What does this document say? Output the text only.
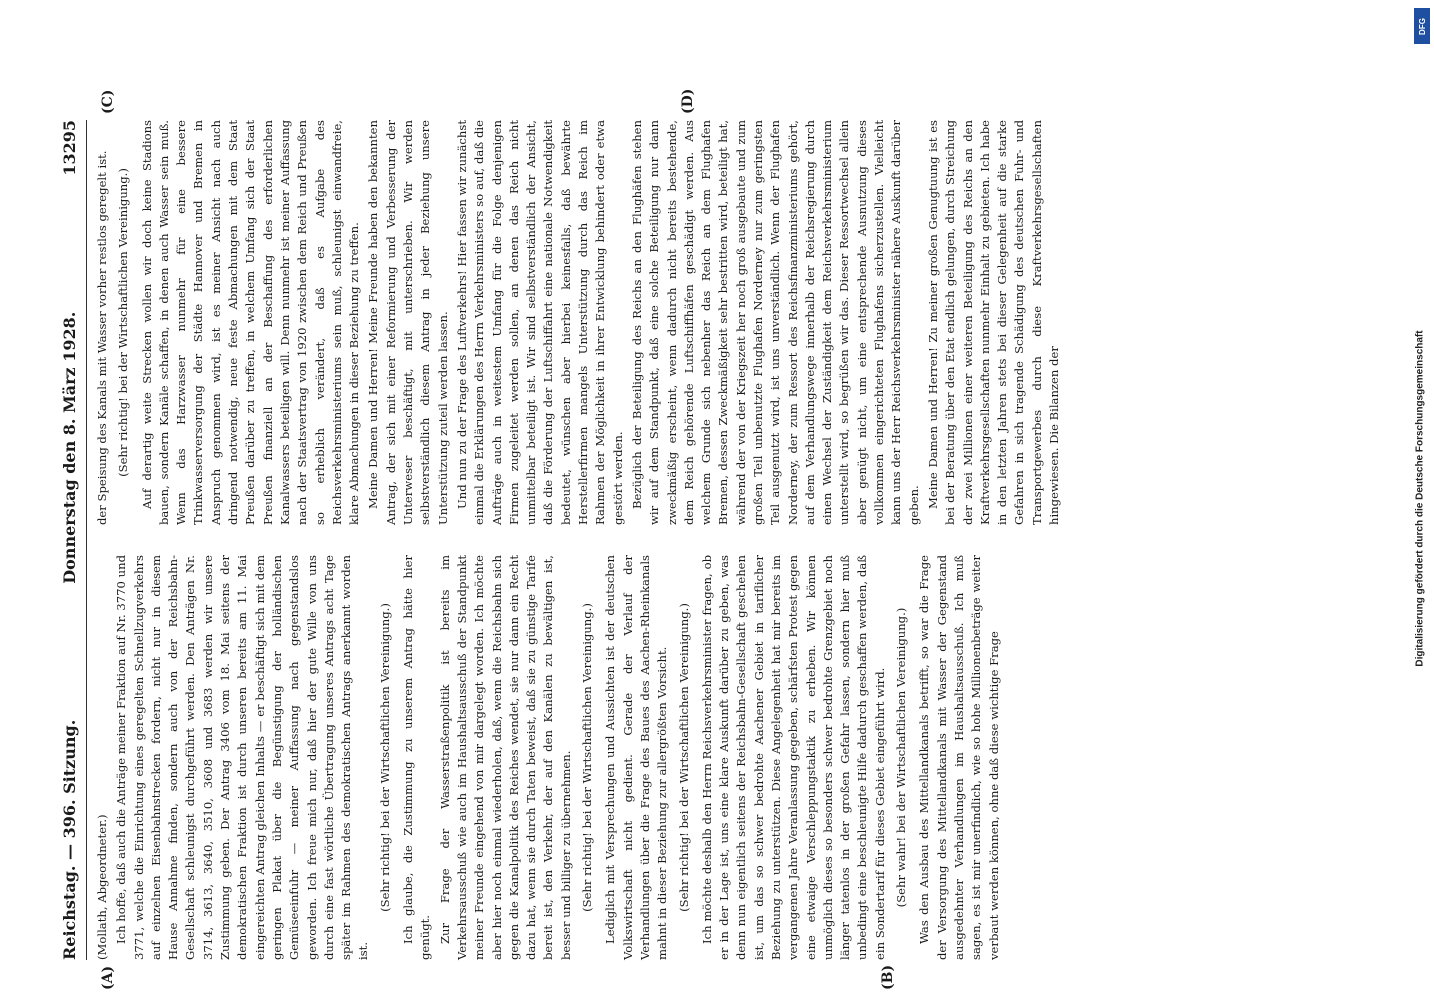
Reichstag. — 396. Sitzung.
Donnerstag den 8. März 1928.
13295
(A)	(B)
(C)	(D)

(Mollath, Abgeordneter.) Ich hoffe, daß auch die Anträge meiner Fraktion auf Nr. 3770 und 3771, welche die Einrichtung eines geregelten Schnellzugverkehrs auf einzelnen Eisenbahnstrecken fordern, nicht nur in diesem Hause Annahme finden, sondern auch von der Reichsbahn-Gesellschaft schleunigst durchgeführt werden. Den Anträgen Nr. 3714, 3613, 3640, 3510, 3608 und 3683 werden wir unsere Zustimmung geben. Der Antrag 3406 vom 18. Mai seitens der demokratischen Fraktion ist durch unseren bereits am 11. Mai eingereichten Antrag gleichen Inhalts — er beschäftigt sich mit dem geringen Plakat über die Begünstigung der holländischen Gemüseeinfuhr — meiner Auffassung nach gegenstandslos geworden. Ich freue mich nur, daß hier der gute Wille von uns durch eine fast wörtliche Übertragung unseres Antrags acht Tage später im Rahmen des demokratischen Antrags anerkannt worden ist.

(Sehr richtig! bei der Wirtschaftlichen Vereinigung.) Ich glaube, die Zustimmung zu unserem Antrag hätte hier genügt. Zur Frage der Wasserstraßenpolitik ist bereits im Verkehrsausschuß wie auch im Haushaltsausschuß der Standpunkt meiner Freunde eingehend von mir dargelegt worden. Ich möchte aber hier noch einmal wiederholen, daß, wenn die Reichsbahn sich gegen die Kanalpolitik des Reiches wendet, sie nur dann ein Recht dazu hat, wenn sie durch Taten beweist, daß sie zu günstige Tarife bereit ist, den Verkehr, der auf den Kanälen zu bewältigen ist, besser und billiger zu übernehmen. (Sehr richtig! bei der Wirtschaftlichen Vereinigung.) Lediglich mit Versprechungen und Aussichten ist der deutschen Volkswirtschaft nicht gedient. Gerade der Verlauf der Verhandlungen über die Frage des Baues des Aachen-Rheinkanals mahnt in dieser Beziehung zur allergrößten Vorsicht. (Sehr richtig! bei der Wirtschaftlichen Vereinigung.) Ich möchte deshalb den Herrn Reichsverkehrsminister fragen, ob er in der Lage ist, uns eine klare Auskunft darüber zu geben, was denn nun eigentlich seitens der Reichsbahn-Gesellschaft geschehen ist, um das so schwer bedrohte Aachener Gebiet in tariflicher Beziehung zu unterstützen. Diese Angelegenheit hat mir bereits im vergangenen Jahre Veranlassung gegeben, schärfsten Protest gegen eine etwaige Verschleppungstaktik zu erheben. Wir können unmöglich dieses so besonders schwer bedrohte Grenzgebiet noch länger tatenlos in der großen Gefahr lassen, sondern hier muß unbedingt eine beschleunigte Hilfe dadurch geschaffen werden, daß ein Sondertarif für dieses Gebiet eingeführt wird. (Sehr wahr! bei der Wirtschaftlichen Vereinigung.) Was den Ausbau des Mittellandkanals betrifft, so war die Frage der Versorgung des Mittellandkanals mit Wasser der Gegenstand ausgedehnter Verhandlungen im Haushaltsausschuß. Ich muß sagen, es ist mir unerfindlich, wie so hohe Millionenbeträge weiter verbaut werden können, ohne daß diese wichtige Frage

der Speisung des Kanals mit Wasser vorher restlos geregelt ist. (Sehr richtig! bei der Wirtschaftlichen Vereinigung.) Auf derartig weite Strecken wollen wir doch keine Stadions bauen, sondern Kanäle schaffen, in denen auch Wasser sein muß. Wenn das Harzwasser nunmehr für eine bessere Trinkwasserversorgung der Städte Hannover und Bremen in Anspruch genommen wird, ist es meiner Ansicht nach auch dringend notwendig, neue feste Abmachungen mit dem Staat Preußen darüber zu treffen, in welchem Umfang sich der Staat Preußen finanziell an der Beschaffung des erforderlichen Kanalwassers beteiligen will. Denn nunmehr ist meiner Auffassung nach der Staatsvertrag von 1920 zwischen dem Reich und Preußen so erheblich verändert, daß es Aufgabe des Reichsverkehrsministeriums sein muß, schleunigst einwandfreie, klare Abmachungen in dieser Beziehung zu treffen. Meine Damen und Herren! Meine Freunde haben den bekannten Antrag, der sich mit einer Reformierung und Verbesserung der Unterweser beschäftigt, mit unterschrieben. Wir werden selbstverständlich diesem Antrag in jeder Beziehung unsere Unterstützung zuteil werden lassen. Und nun zu der Frage des Luftverkehrs! Hier fassen wir zunächst einmal die Erklärungen des Herrn Verkehrsministers so auf, daß die Aufträge auch in weitestem Umfang für die Folge denjenigen Firmen zugeleitet werden sollen, an denen das Reich nicht unmittelbar beteiligt ist. Wir sind selbstverständlich der Ansicht, daß die Förderung der Luftschiffahrt eine nationale Notwendigkeit bedeutet, wünschen aber hierbei keinesfalls, daß bewährte Herstellerfirmen mangels Unterstützung durch das Reich im Rahmen der Möglichkeit in ihrer Entwicklung behindert oder etwa gestört werden. Bezüglich der Beteiligung des Reichs an den Flughäfen stehen wir auf dem Standpunkt, daß eine solche Beteiligung nur dann zweckmäßig erscheint, wenn dadurch nicht bereits bestehende, dem Reich gehörende Luftschiffhäfen geschädigt werden. Aus welchem Grunde sich nebenher das Reich an dem Flughafen Bremen, dessen Zweckmäßigkeit sehr bestritten wird, beteiligt hat, während der von der Kriegszeit her noch groß ausgebaute und zum großen Teil unbenutzte Flughafen Norderney nur zum geringsten Teil ausgenutzt wird, ist uns unverständlich. Wenn der Flughafen Norderney, der zum Ressort des Reichsfinanzministeriums gehört, auf dem Verhandlungswege innerhalb der Reichsregierung durch einen Wechsel der Zuständigkeit dem Reichsverkehrsministerium unterstellt wird, so begrüßen wir das. Dieser Ressortwechsel allein aber genügt nicht, um eine entsprechende Ausnutzung dieses vollkommen eingerichteten Flughafens sicherzustellen. Vielleicht kann uns der Herr Reichsverkehrsminister nähere Auskunft darüber geben. Meine Damen und Herren! Zu meiner großen Genugtuung ist es bei der Beratung über den Etat endlich gelungen, durch Streichung der zwei Millionen einer weiteren Beteiligung des Reichs an den Kraftverkehrsgesellschaften nunmehr Einhalt zu gebieten. Ich habe in den letzten Jahren stets bei dieser Gelegenheit auf die starke Gefahren in sich tragende Schädigung des deutschen Fuhr- und Transportgewerbes durch diese Kraftverkehrsgesellschaften hingewiesen. Die Bilanzen der

DFG
Digitalisierung gefördert durch die Deutsche Forschungsgemeinschaft
